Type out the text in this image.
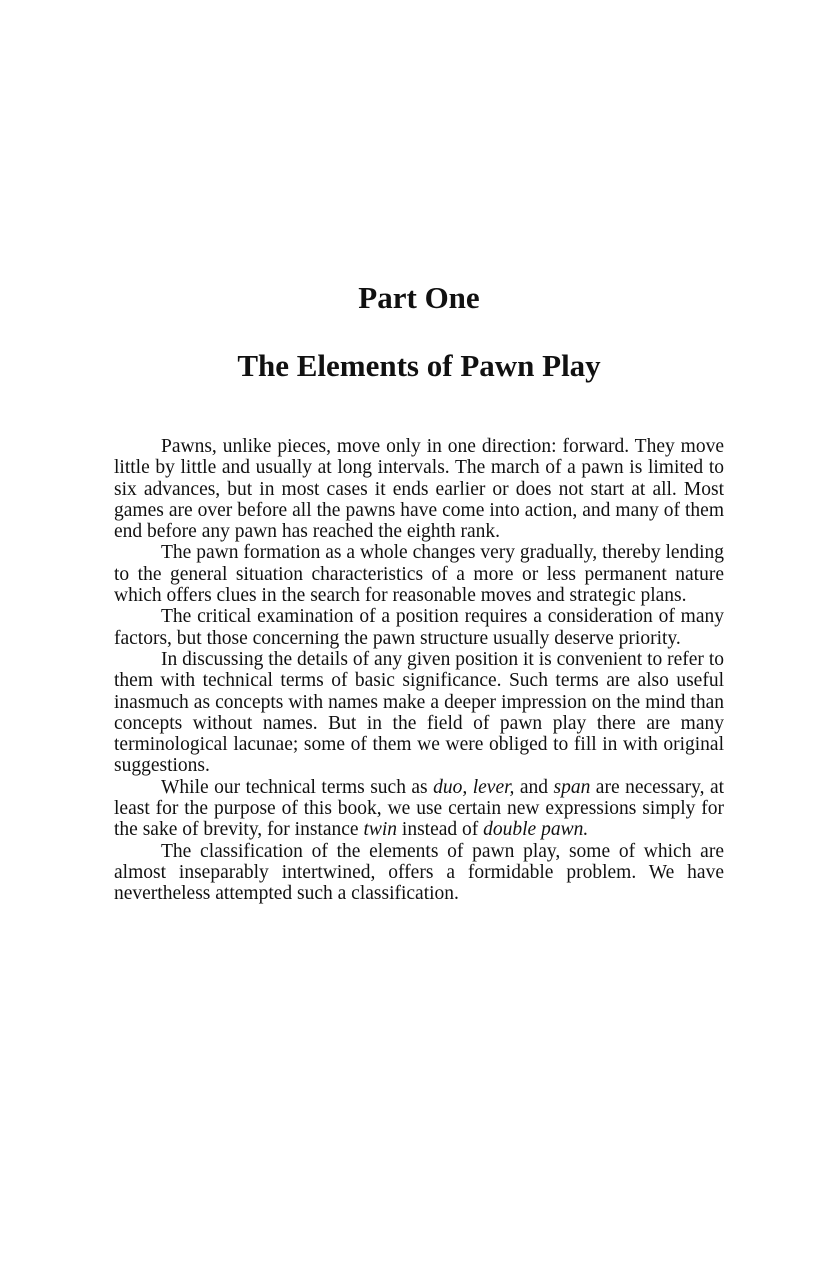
Part One
The Elements of Pawn Play

Pawns, unlike pieces, move only in one direction: forward. They move little by little and usually at long intervals. The march of a pawn is limited to six advances, but in most cases it ends earlier or does not start at all. Most games are over before all the pawns have come into action, and many of them end before any pawn has reached the eighth rank.

The pawn formation as a whole changes very gradually, thereby lending to the general situation characteristics of a more or less permanent nature which offers clues in the search for reasonable moves and strategic plans.

The critical examination of a position requires a consideration of many factors, but those concerning the pawn structure usually deserve priority.

In discussing the details of any given position it is convenient to refer to them with technical terms of basic significance. Such terms are also useful inasmuch as concepts with names make a deeper impression on the mind than concepts without names. But in the field of pawn play there are many terminological lacunae; some of them we were obliged to fill in with original suggestions.

While our technical terms such as duo, lever, and span are necessary, at least for the purpose of this book, we use certain new expressions simply for the sake of brevity, for instance twin instead of double pawn.

The classification of the elements of pawn play, some of which are almost inseparably intertwined, offers a formidable problem. We have nevertheless attempted such a classification.
